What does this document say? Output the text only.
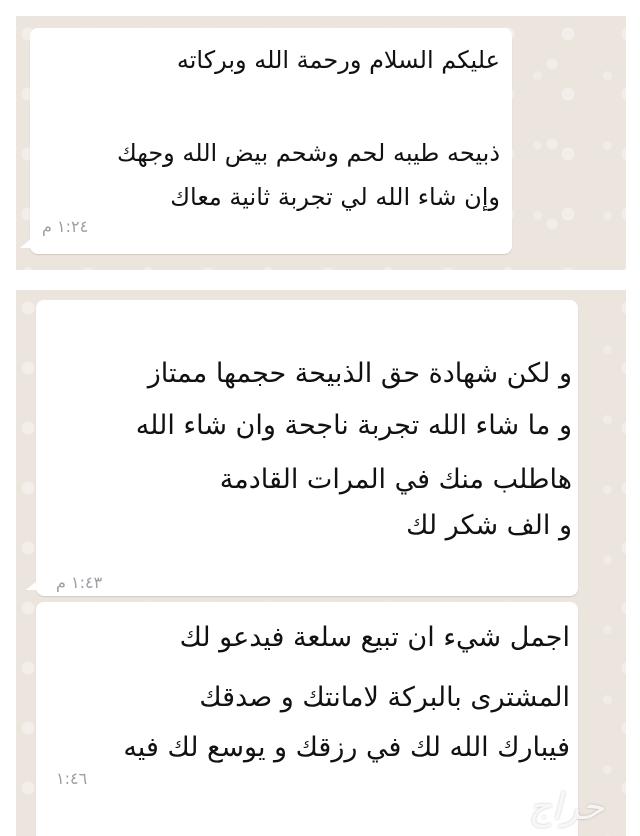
عليكم السلام ورحمة الله وبركاته
ذبيحه طيبه لحم وشحم بيض الله وجهك
وإن شاء الله لي تجربة ثانية معاك
١:٢٤ م
و لكن شهادة حق الذبيحة حجمها ممتاز
و ما شاء الله تجربة ناجحة وان شاء الله
هاطلب منك في المرات القادمة
و الف شكر لك
١:٤٣ م
اجمل شيء ان تبيع سلعة فيدعو لك
المشترى بالبركة لامانتك و صدقك
فيبارك الله لك في رزقك و يوسع لك فيه
١:٤٦
حراج
